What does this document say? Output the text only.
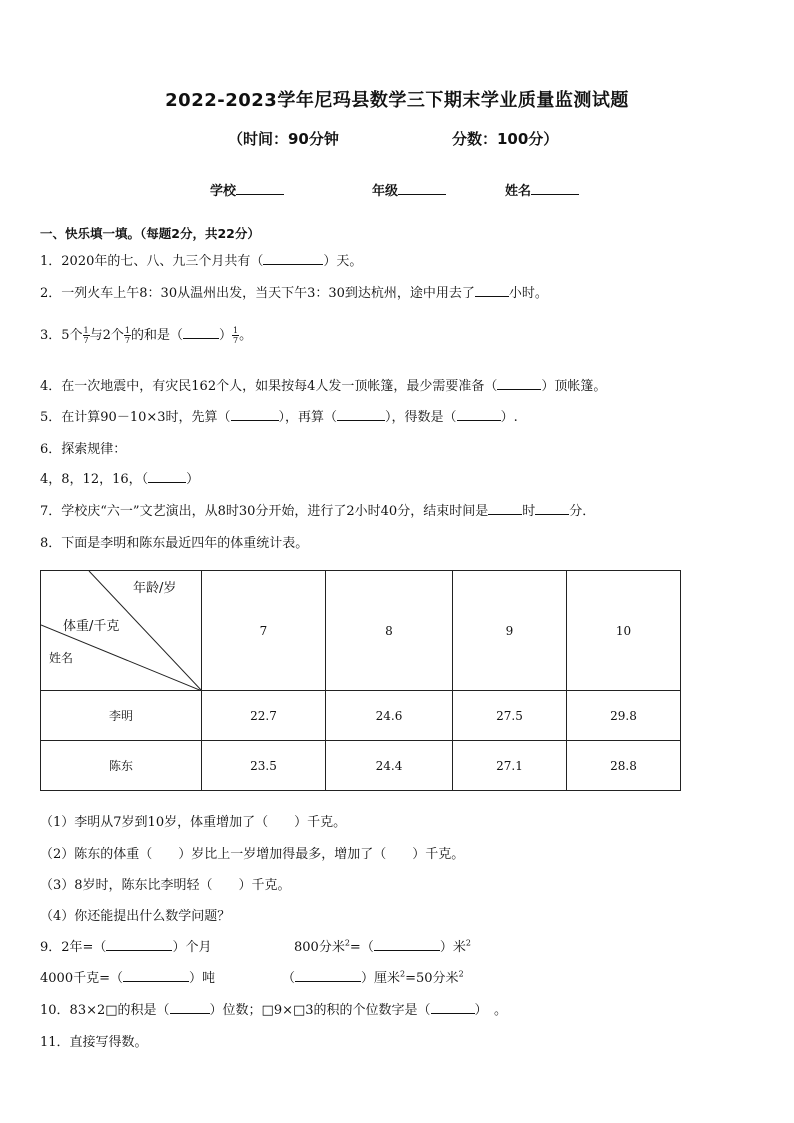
2022-2023学年尼玛县数学三下期末学业质量监测试题
（时间：90分钟	分数：100分）
学校	年级	姓名
一、快乐填一填。（每题2分，共22分）
1．2020年的七、八、九三个月共有（	）天。
2．一列火车上午8：30从温州出发，当天下午3：30到达杭州，途中用去了	小时。
3．5个 $\frac{1}{7}$ 与2个 $\frac{1}{7}$ 的和是（	） $\frac{1}{7}$ 。
4．在一次地震中，有灾民162个人，如果按每4人发一顶帐篷，最少需要准备（	）顶帐篷。
5．在计算90－10×3时，先算（	），再算（	），得数是（	）.
6．探索规律：
4，8，12，16，（	）
7．学校庆“六一”文艺演出，从8时30分开始，进行了2小时40分，结束时间是	时	分．
8．下面是李明和陈东最近四年的体重统计表。
年龄/岁
体重/千克
姓名	7	8	9	10
李明	22.7	24.6	27.5	29.8
陈东	23.5	24.4	27.1	28.8
（1）李明从7岁到10岁，体重增加了（　　）千克。
（2）陈东的体重（　　）岁比上一岁增加得最多，增加了（　　）千克。
（3）8岁时，陈东比李明轻（　　）千克。
（4）你还能提出什么数学问题？
9．2年=（	）个月	800分米$^2$=（	）米$^2$
4000千克=（	）吨	（	）厘米$^2$=50分米$^2$
10．83×2□的积是（	）位数；□9×□3的积的个位数字是（	）　。
11．直接写得数。
